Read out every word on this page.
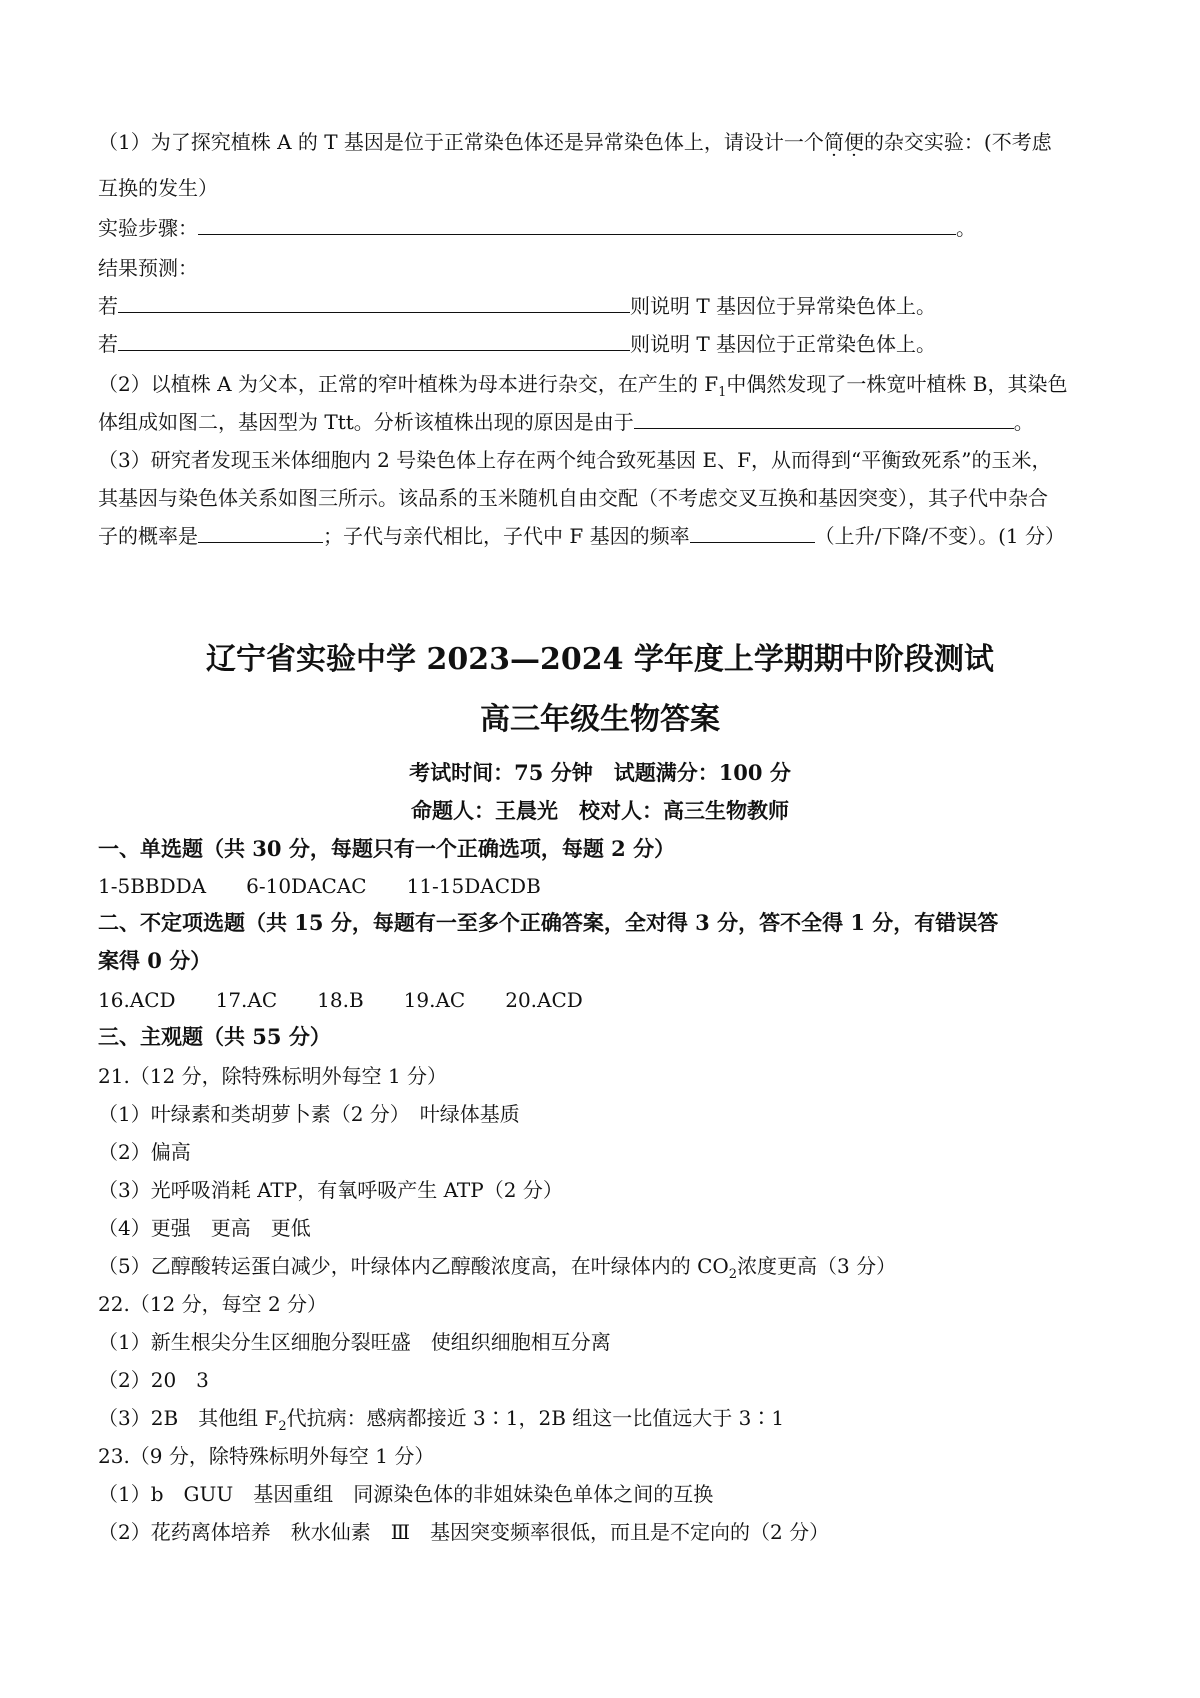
（1）为了探究植株 A 的 T 基因是位于正常染色体还是异常染色体上，请设计一个简便的杂交实验：(不考虑
互换的发生）
实验步骤：	。
结果预测：
若	则说明 T 基因位于异常染色体上。
若	则说明 T 基因位于正常染色体上。
（2）以植株 A 为父本，正常的窄叶植株为母本进行杂交，在产生的 $F_1$中偶然发现了一株宽叶植株 B，其染色
体组成如图二，基因型为 Ttt。分析该植株出现的原因是由于	。
（3）研究者发现玉米体细胞内 2 号染色体上存在两个纯合致死基因 E、F，从而得到“平衡致死系”的玉米，
其基因与染色体关系如图三所示。该品系的玉米随机自由交配（不考虑交叉互换和基因突变），其子代中杂合
子的概率是	；子代与亲代相比，子代中 F 基因的频率	（上升/下降/不变）。(1 分）
辽宁省实验中学 2023—2024 学年度上学期期中阶段测试
高三年级生物答案
考试时间：75 分钟　试题满分：100 分
命题人：王晨光　校对人：高三生物教师
一、单选题（共 30 分，每题只有一个正确选项，每题 2 分）
1-5BBDDA 6-10DACAC 11-15DACDB
二、不定项选题（共 15 分，每题有一至多个正确答案，全对得 3 分，答不全得 1 分，有错误答
案得 0 分）
16.ACD 17.AC 18.B 19.AC 20.ACD
三、主观题（共 55 分）
21.（12 分，除特殊标明外每空 1 分）
（1）叶绿素和类胡萝卜素（2 分）　叶绿体基质
（2）偏高
（3）光呼吸消耗 ATP，有氧呼吸产生 ATP（2 分）
（4）更强　更高　更低
（5）乙醇酸转运蛋白减少，叶绿体内乙醇酸浓度高，在叶绿体内的 $CO_2$浓度更高（3 分）
22.（12 分，每空 2 分）
（1）新生根尖分生区细胞分裂旺盛　使组织细胞相互分离
（2）20　3
（3）2B　其他组 $F_2$代抗病：感病都接近 3∶1，2B 组这一比值远大于 3∶1
23.（9 分，除特殊标明外每空 1 分）
（1）b　GUU　基因重组　同源染色体的非姐妹染色单体之间的互换
（2）花药离体培养　秋水仙素　Ⅲ　基因突变频率很低，而且是不定向的（2 分）
